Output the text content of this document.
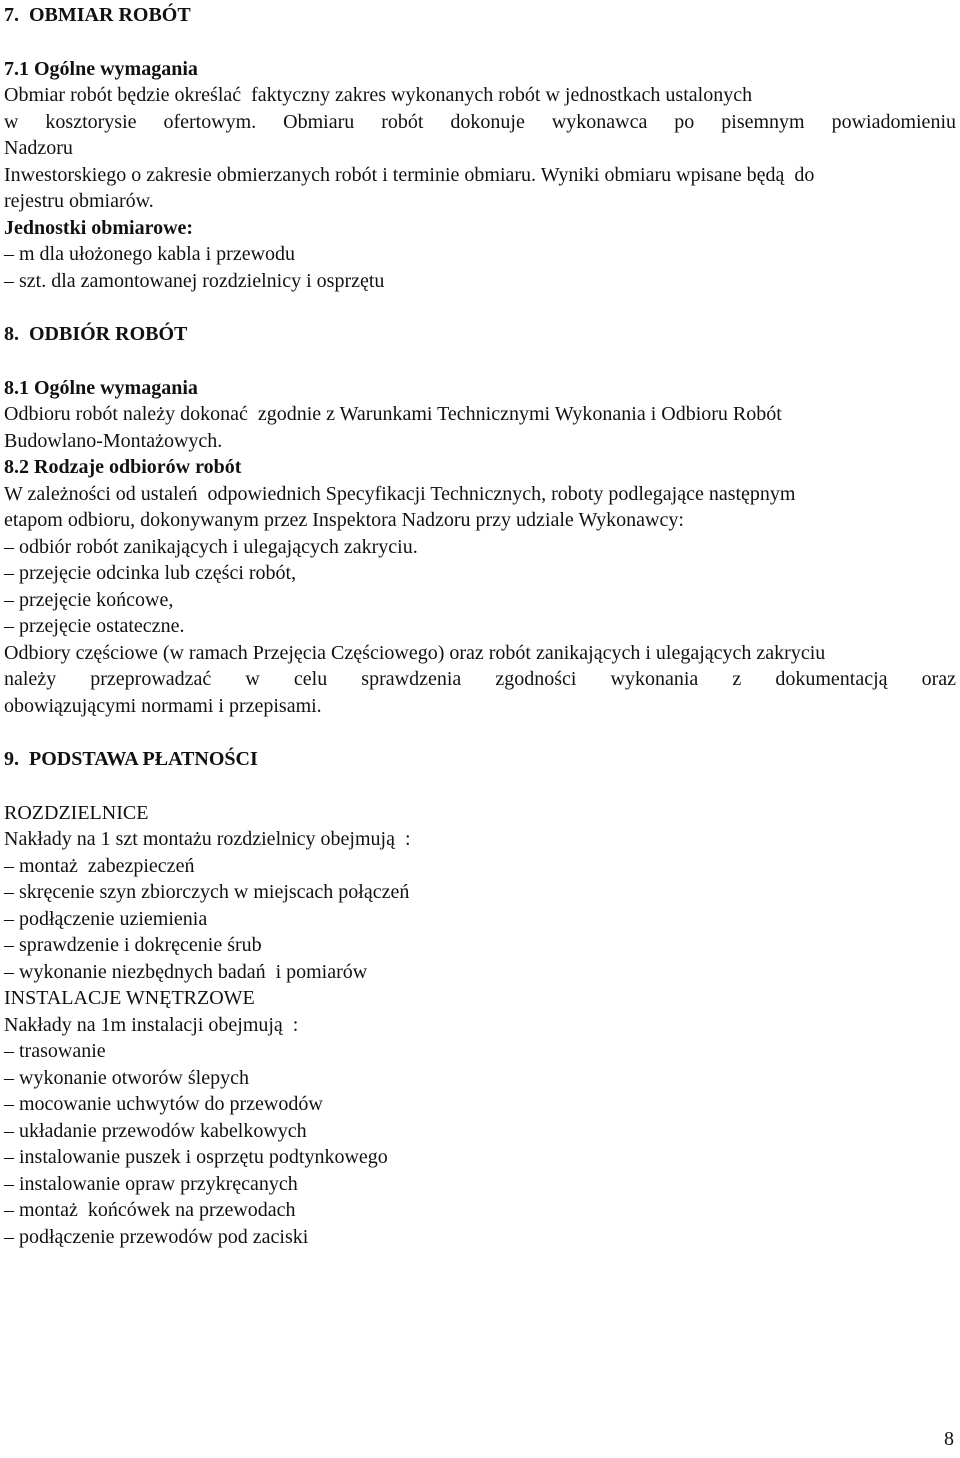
7.  OBMIAR ROBÓT
7.1 Ogólne wymagania
Obmiar robót będzie określać  faktyczny zakres wykonanych robót w jednostkach ustalonych
w kosztorysie ofertowym. Obmiaru robót dokonuje wykonawca po pisemnym powiadomieniu
Nadzoru
Inwestorskiego o zakresie obmierzanych robót i terminie obmiaru. Wyniki obmiaru wpisane będą  do
rejestru obmiarów.
Jednostki obmiarowe:
– m dla ułożonego kabla i przewodu
– szt. dla zamontowanej rozdzielnicy i osprzętu
8.  ODBIÓR ROBÓT
8.1 Ogólne wymagania
Odbioru robót należy dokonać  zgodnie z Warunkami Technicznymi Wykonania i Odbioru Robót
Budowlano-Montażowych.
8.2 Rodzaje odbiorów robót
W zależności od ustaleń  odpowiednich Specyfikacji Technicznych, roboty podlegające następnym
etapom odbioru, dokonywanym przez Inspektora Nadzoru przy udziale Wykonawcy:
– odbiór robót zanikających i ulegających zakryciu.
– przejęcie odcinka lub części robót,
– przejęcie końcowe,
– przejęcie ostateczne.
Odbiory częściowe (w ramach Przejęcia Częściowego) oraz robót zanikających i ulegających zakryciu
należy przeprowadzać w celu sprawdzenia zgodności wykonania z dokumentacją oraz
obowiązującymi normami i przepisami.
9.  PODSTAWA PŁATNOŚCI
ROZDZIELNICE
Nakłady na 1 szt montażu rozdzielnicy obejmują  :
– montaż  zabezpieczeń
– skręcenie szyn zbiorczych w miejscach połączeń
– podłączenie uziemienia
– sprawdzenie i dokręcenie śrub
– wykonanie niezbędnych badań  i pomiarów
INSTALACJE WNĘTRZOWE
Nakłady na 1m instalacji obejmują  :
– trasowanie
– wykonanie otworów ślepych
– mocowanie uchwytów do przewodów
– układanie przewodów kabelkowych
– instalowanie puszek i osprzętu podtynkowego
– instalowanie opraw przykręcanych
– montaż  końcówek na przewodach
– podłączenie przewodów pod zaciski
8
